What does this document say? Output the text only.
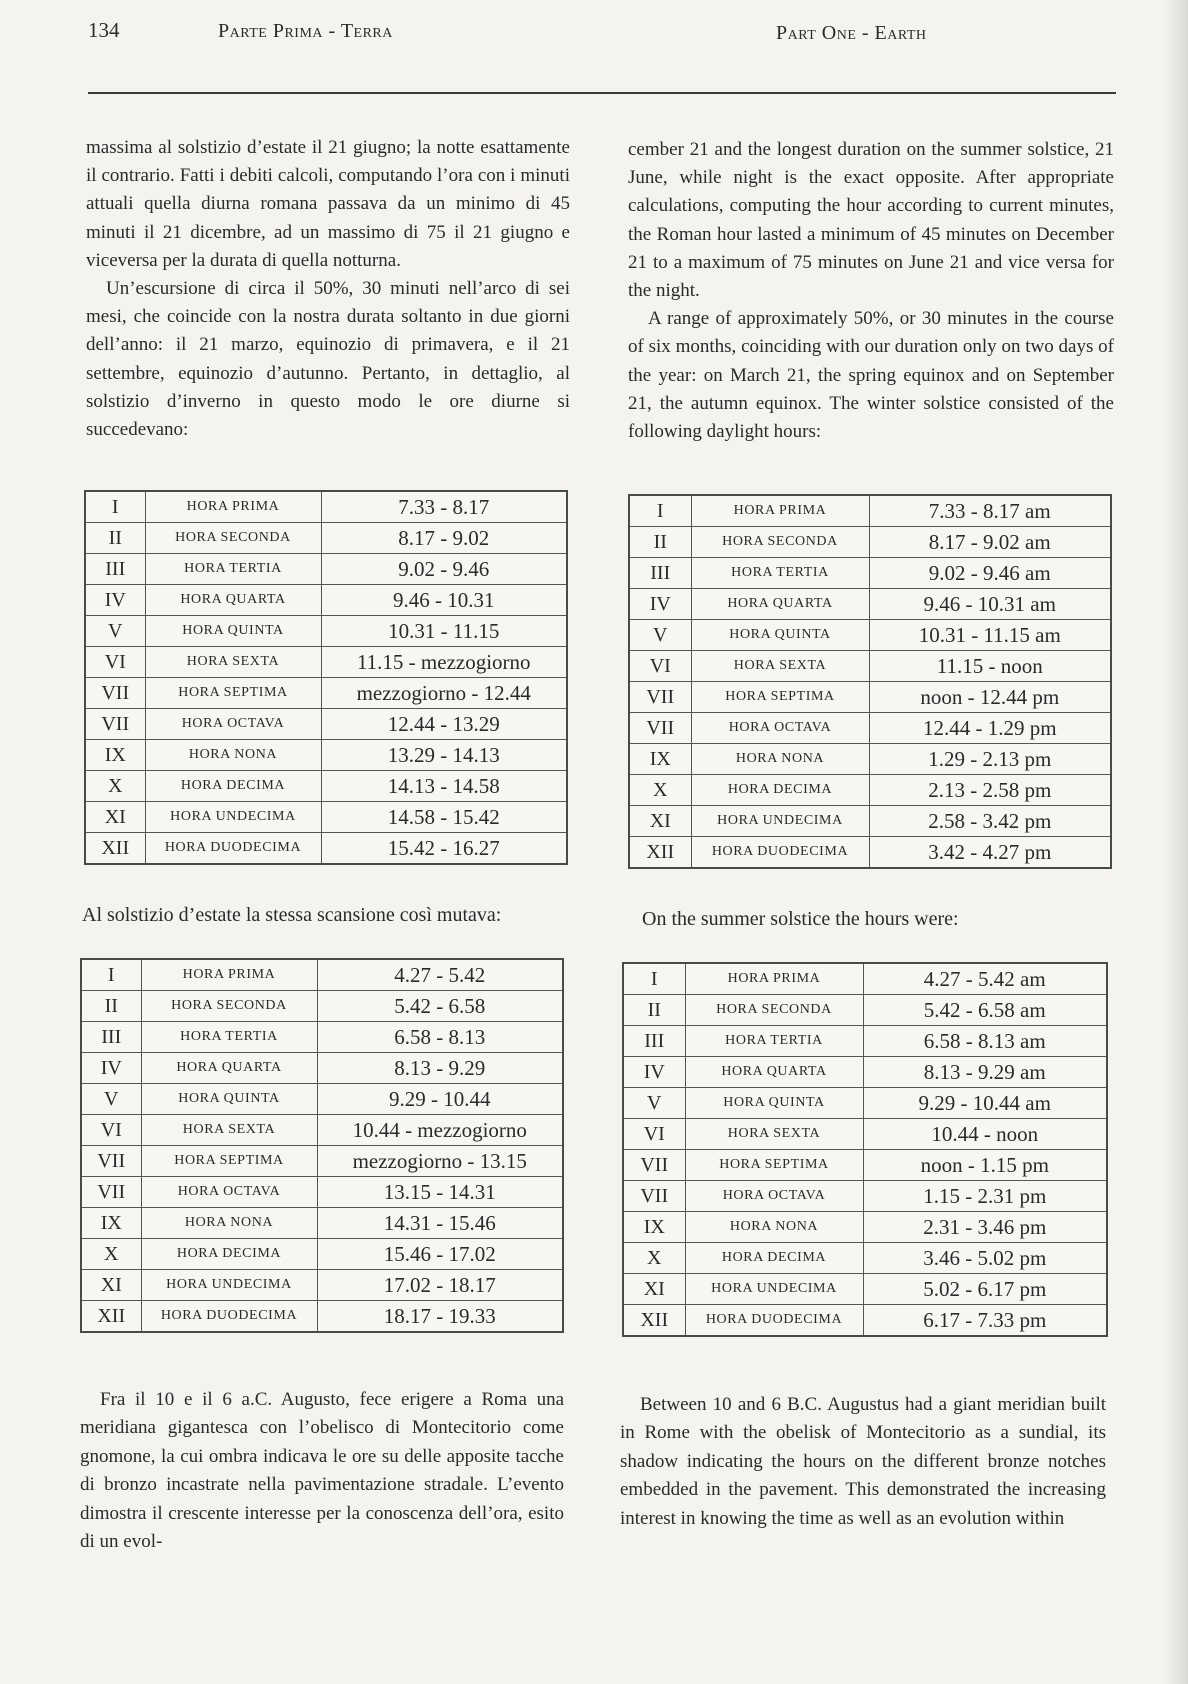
134	Parte Prima - Terra	Part One - Earth

massima al solstizio d’estate il 21 giugno; la notte esattamente il contrario. Fatti i debiti calcoli, computando l’ora con i minuti attuali quella diurna romana passava da un minimo di 45 minuti il 21 dicembre, ad un massimo di 75 il 21 giugno e viceversa per la durata di quella notturna.

Un’escursione di circa il 50%, 30 minuti nell’arco di sei mesi, che coincide con la nostra durata soltanto in due giorni dell’anno: il 21 marzo, equinozio di primavera, e il 21 settembre, equinozio d’autunno. Pertanto, in dettaglio, al solstizio d’inverno in questo modo le ore diurne si succedevano:

cember 21 and the longest duration on the summer solstice, 21 June, while night is the exact opposite. After appropriate calculations, computing the hour according to current minutes, the Roman hour lasted a minimum of 45 minutes on December 21 to a maximum of 75 minutes on June 21 and vice versa for the night.

A range of approximately 50%, or 30 minutes in the course of six months, coinciding with our duration only on two days of the year: on March 21, the spring equinox and on September 21, the autumn equinox. The winter solstice consisted of the following daylight hours:

I	HORA PRIMA	7.33 - 8.17
II	HORA SECONDA	8.17 - 9.02
III	HORA TERTIA	9.02 - 9.46
IV	HORA QUARTA	9.46 - 10.31
V	HORA QUINTA	10.31 - 11.15
VI	HORA SEXTA	11.15 - mezzogiorno
VII	HORA SEPTIMA	mezzogiorno - 12.44
VII	HORA OCTAVA	12.44 - 13.29
IX	HORA NONA	13.29 - 14.13
X	HORA DECIMA	14.13 - 14.58
XI	HORA UNDECIMA	14.58 - 15.42
XII	HORA DUODECIMA	15.42 - 16.27
I	HORA PRIMA	7.33 - 8.17 am
II	HORA SECONDA	8.17 - 9.02 am
III	HORA TERTIA	9.02 - 9.46 am
IV	HORA QUARTA	9.46 - 10.31 am
V	HORA QUINTA	10.31 - 11.15 am
VI	HORA SEXTA	11.15 - noon
VII	HORA SEPTIMA	noon - 12.44 pm
VII	HORA OCTAVA	12.44 - 1.29 pm
IX	HORA NONA	1.29 - 2.13 pm
X	HORA DECIMA	2.13 - 2.58 pm
XI	HORA UNDECIMA	2.58 - 3.42 pm
XII	HORA DUODECIMA	3.42 - 4.27 pm
Al solstizio d’estate la stessa scansione così mutava:	On the summer solstice the hours were:
I	HORA PRIMA	4.27 - 5.42
II	HORA SECONDA	5.42 - 6.58
III	HORA TERTIA	6.58 - 8.13
IV	HORA QUARTA	8.13 - 9.29
V	HORA QUINTA	9.29 - 10.44
VI	HORA SEXTA	10.44 - mezzogiorno
VII	HORA SEPTIMA	mezzogiorno - 13.15
VII	HORA OCTAVA	13.15 - 14.31
IX	HORA NONA	14.31 - 15.46
X	HORA DECIMA	15.46 - 17.02
XI	HORA UNDECIMA	17.02 - 18.17
XII	HORA DUODECIMA	18.17 - 19.33
I	HORA PRIMA	4.27 - 5.42 am
II	HORA SECONDA	5.42 - 6.58 am
III	HORA TERTIA	6.58 - 8.13 am
IV	HORA QUARTA	8.13 - 9.29 am
V	HORA QUINTA	9.29 - 10.44 am
VI	HORA SEXTA	10.44 - noon
VII	HORA SEPTIMA	noon - 1.15 pm
VII	HORA OCTAVA	1.15 - 2.31 pm
IX	HORA NONA	2.31 - 3.46 pm
X	HORA DECIMA	3.46 - 5.02 pm
XI	HORA UNDECIMA	5.02 - 6.17 pm
XII	HORA DUODECIMA	6.17 - 7.33 pm

Fra il 10 e il 6 a.C. Augusto, fece erigere a Roma una meridiana gigantesca con l’obelisco di Montecitorio come gnomone, la cui ombra indicava le ore su delle apposite tacche di bronzo incastrate nella pavimentazione stradale. L’evento dimostra il crescente interesse per la conoscenza dell’ora, esito di un evol-

Between 10 and 6 B.C. Augustus had a giant meridian built in Rome with the obelisk of Montecitorio as a sundial, its shadow indicating the hours on the different bronze notches embedded in the pavement. This demonstrated the increasing interest in knowing the time as well as an evolution within
